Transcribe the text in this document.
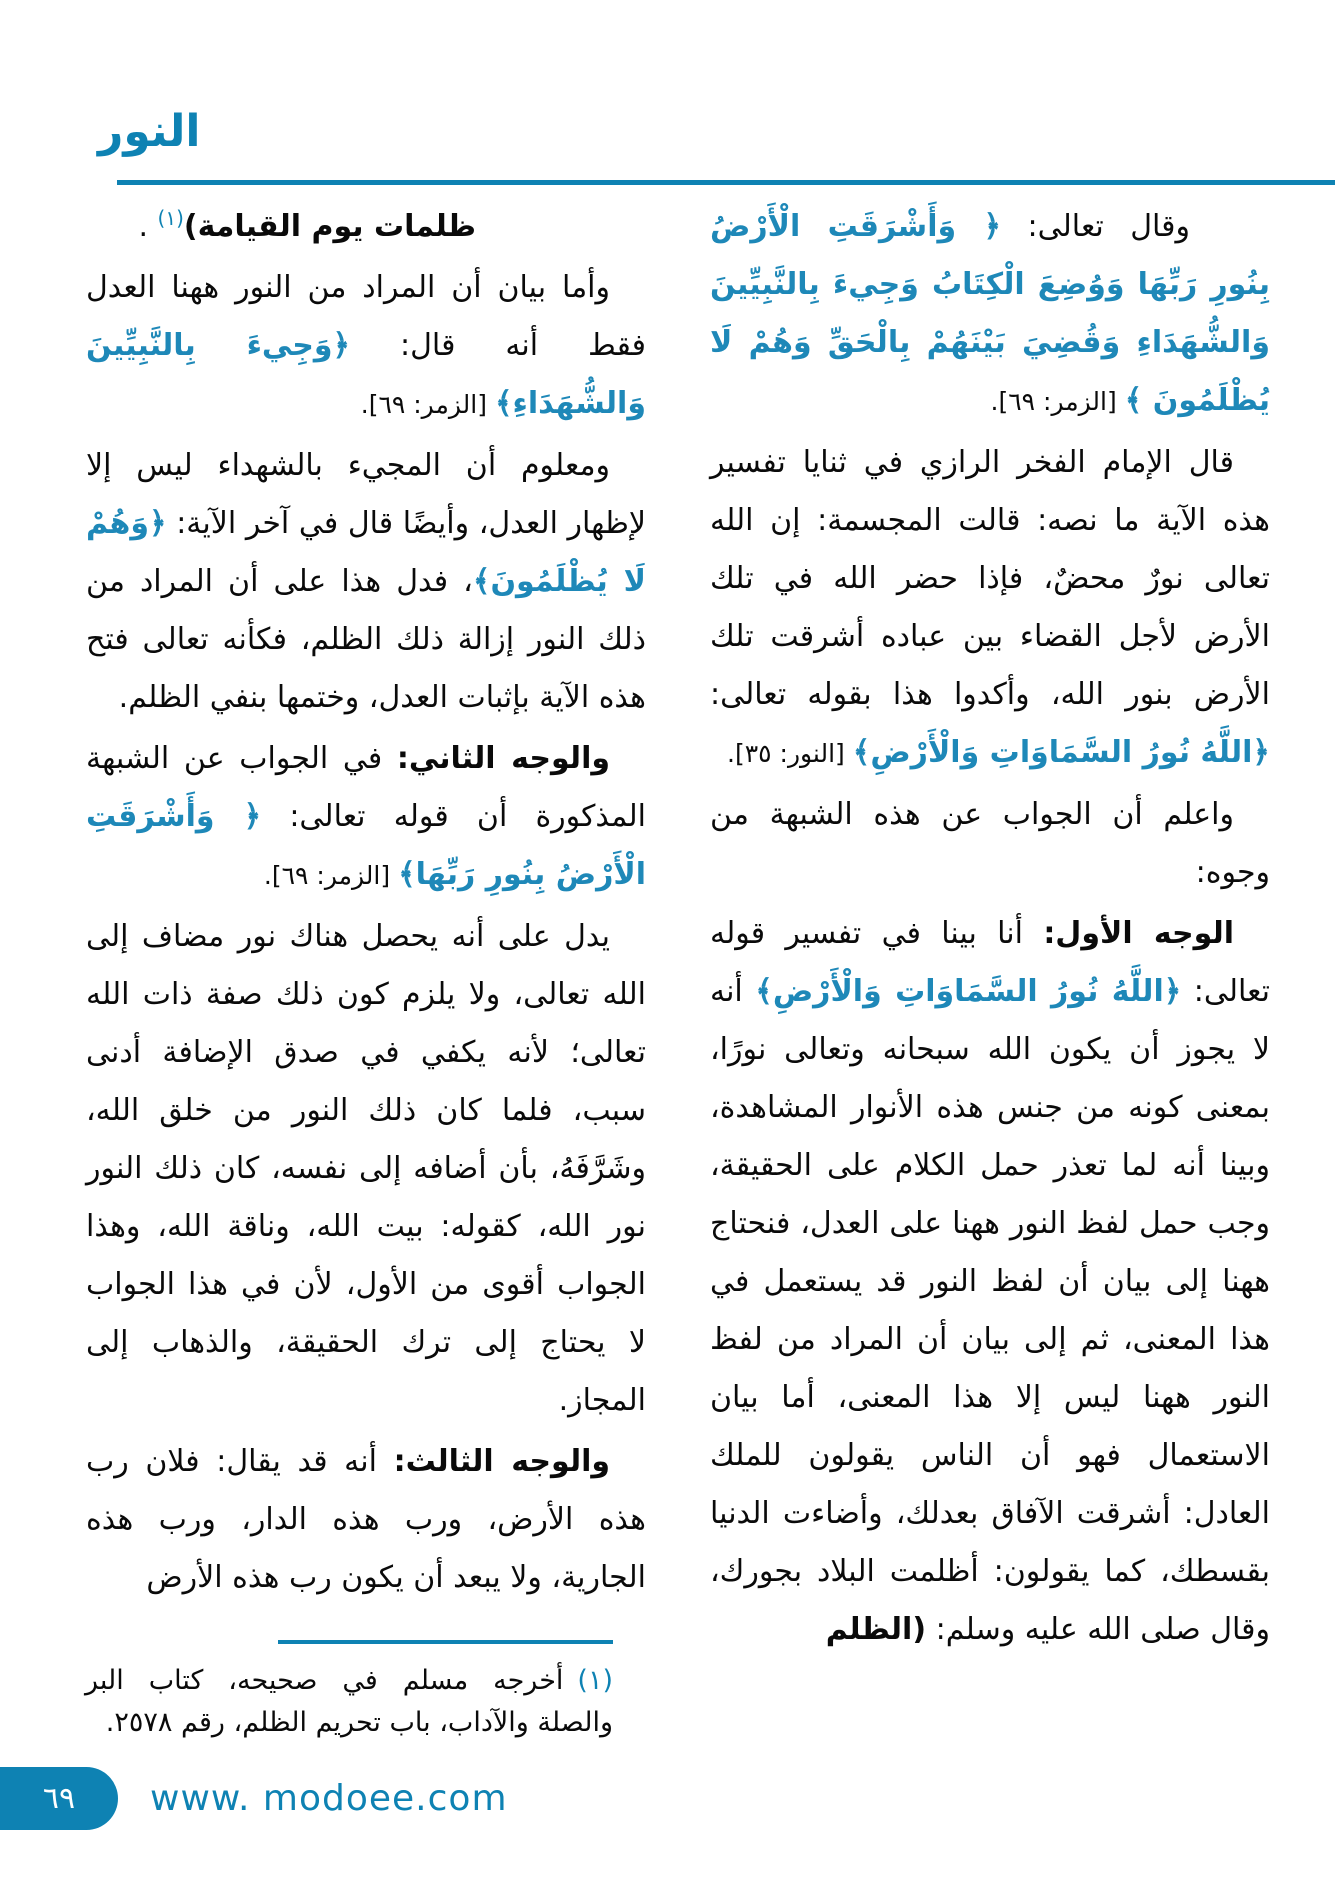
النور

وقال تعالى: ﴿ وَأَشْرَقَتِ الْأَرْضُ بِنُورِ رَبِّهَا وَوُضِعَ الْكِتَابُ وَجِيءَ بِالنَّبِيِّينَ وَالشُّهَدَاءِ وَقُضِيَ بَيْنَهُمْ بِالْحَقِّ وَهُمْ لَا يُظْلَمُونَ ﴾ [الزمر: ٦٩].

قال الإمام الفخر الرازي في ثنايا تفسير هذه الآية ما نصه: قالت المجسمة: إن الله تعالى نورٌ محضٌ، فإذا حضر الله في تلك الأرض لأجل القضاء بين عباده أشرقت تلك الأرض بنور الله، وأكدوا هذا بقوله تعالى: ﴿اللَّهُ نُورُ السَّمَاوَاتِ وَالْأَرْضِ﴾ [النور: ٣٥].

واعلم أن الجواب عن هذه الشبهة من وجوه:

الوجه الأول: أنا بينا في تفسير قوله تعالى: ﴿اللَّهُ نُورُ السَّمَاوَاتِ وَالْأَرْضِ﴾ أنه لا يجوز أن يكون الله سبحانه وتعالى نورًا، بمعنى كونه من جنس هذه الأنوار المشاهدة، وبينا أنه لما تعذر حمل الكلام على الحقيقة، وجب حمل لفظ النور ههنا على العدل، فنحتاج ههنا إلى بيان أن لفظ النور قد يستعمل في هذا المعنى، ثم إلى بيان أن المراد من لفظ النور ههنا ليس إلا هذا المعنى، أما بيان الاستعمال فهو أن الناس يقولون للملك العادل: أشرقت الآفاق بعدلك، وأضاءت الدنيا بقسطك، كما يقولون: أظلمت البلاد بجورك، وقال صلى الله عليه وسلم: (الظلم

ظلمات يوم القيامة)$^{(١)}$ .

وأما بيان أن المراد من النور ههنا العدل فقط أنه قال: ﴿وَجِيءَ بِالنَّبِيِّينَ وَالشُّهَدَاءِ﴾ [الزمر: ٦٩].

ومعلوم أن المجيء بالشهداء ليس إلا لإظهار العدل، وأيضًا قال في آخر الآية: ﴿وَهُمْ لَا يُظْلَمُونَ﴾، فدل هذا على أن المراد من ذلك النور إزالة ذلك الظلم، فكأنه تعالى فتح هذه الآية بإثبات العدل، وختمها بنفي الظلم.

والوجه الثاني: في الجواب عن الشبهة المذكورة أن قوله تعالى: ﴿ وَأَشْرَقَتِ الْأَرْضُ بِنُورِ رَبِّهَا﴾ [الزمر: ٦٩].

يدل على أنه يحصل هناك نور مضاف إلى الله تعالى، ولا يلزم كون ذلك صفة ذات الله تعالى؛ لأنه يكفي في صدق الإضافة أدنى سبب، فلما كان ذلك النور من خلق الله، وشَرَّفَهُ، بأن أضافه إلى نفسه، كان ذلك النور نور الله، كقوله: بيت الله، وناقة الله، وهذا الجواب أقوى من الأول، لأن في هذا الجواب لا يحتاج إلى ترك الحقيقة، والذهاب إلى المجاز.

والوجه الثالث: أنه قد يقال: فلان رب هذه الأرض، ورب هذه الدار، ورب هذه الجارية، ولا يبعد أن يكون رب هذه الأرض

(١)أخرجه مسلم في صحيحه، كتاب البر والصلة والآداب، باب تحريم الظلم، رقم ٢٥٧٨.

٦٩ www. modoee.com
